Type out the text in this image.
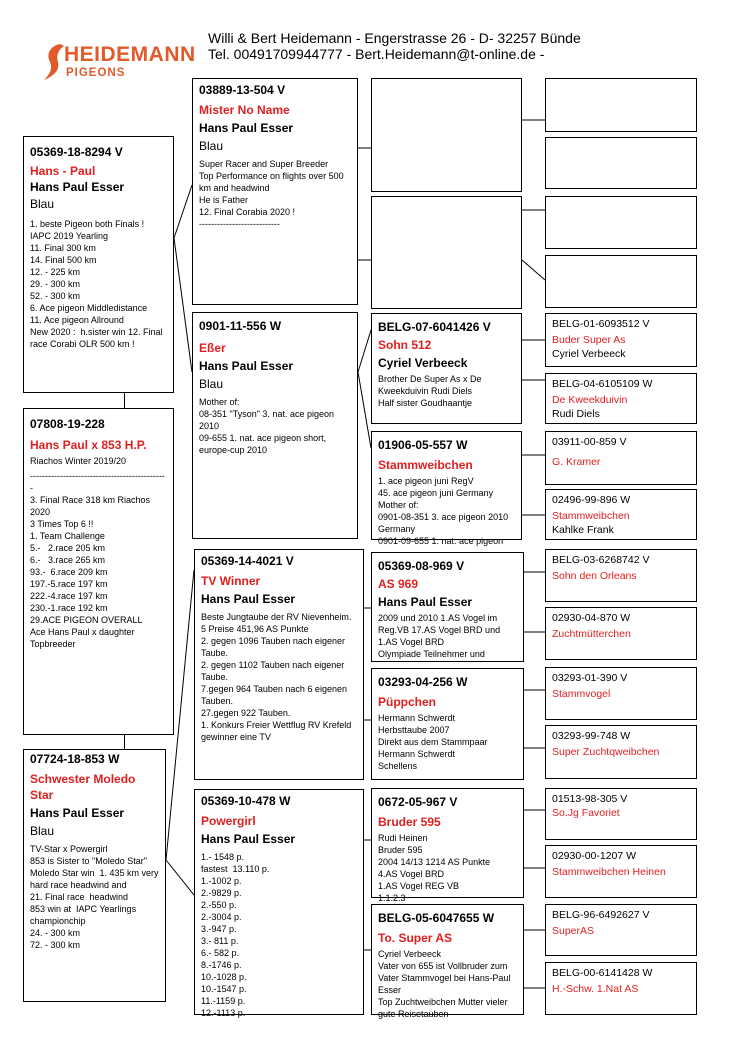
HEIDEMANN
PIGEONS
Willi & Bert Heidemann - Engerstrasse 26 - D- 32257 Bünde
Tel. 00491709944777 - Bert.Heidemann@t-online.de -
05369-18-8294 V
Hans - Paul
Hans Paul Esser
Blau
1. beste Pigeon both Finals !
IAPC 2019 Yearling
11. Final 300 km
14. Final 500 km
12. - 225 km
29. - 300 km
52. - 300 km
6. Ace pigeon Middledistance
11. Ace pigeon Allround
New 2020 :  h.sister win 12. Final race Corabi OLR 500 km !
07808-19-228
Hans Paul x 853 H.P.
Riachos Winter 2019/20
----------------------------------------------
3. Final Race 318 km Riachos 2020
3 Times Top 6 !!
1. Team Challenge
5.-   2.race 205 km
6.-   3.race 265 km
93.-  6.race 209 km
197.-5.race 197 km
222.-4.race 197 km
230.-1.race 192 km
29.ACE PIGEON OVERALL
Ace Hans Paul x daughter
Topbreeder
07724-18-853 W
Schwester Moledo Star
Hans Paul Esser
Blau
TV-Star x Powergirl
853 is Sister to "Moledo Star"
Moledo Star win  1. 435 km very hard race headwind and
21. Final race  headwind
853 win at  IAPC Yearlings championchip
24. - 300 km
72. - 300 km
03889-13-504 V
Mister No Name
Hans Paul Esser
Blau
Super Racer and Super Breeder
Top Performance on flights over 500 km and headwind
He is Father
12. Final Corabia 2020 !
---------------------------
0901-11-556 W
Eßer
Hans Paul Esser
Blau
Mother of:
08-351 "Tyson" 3. nat. ace pigeon 2010
09-655 1. nat. ace pigeon short, europe-cup 2010
05369-14-4021 V
TV Winner
Hans Paul Esser
Beste Jungtaube der RV Nievenheim. 5 Preise 451,96 AS Punkte
2. gegen 1096 Tauben nach eigener Taube.
2. gegen 1102 Tauben nach eigener Taube.
7.gegen 964 Tauben nach 6 eigenen Tauben.
27.gegen 922 Tauben.
1. Konkurs Freier Wettflug RV Krefeld gewinner eine TV
05369-10-478 W
Powergirl
Hans Paul Esser
1.- 1548 p.
fastest  13.110 p.
1.-1002 p.
2.-9829 p.
2.-550 p.
2.-3004 p.
3.-947 p.
3.- 811 p.
6.- 582 p.
8.-1746 p.
10.-1028 p.
10.-1547 p.
11.-1159 p.
12.-1113 p.
BELG-07-6041426 V
Sohn 512
Cyriel Verbeeck
Brother De Super As x De Kweekduivin Rudi Diels
Half sister Goudhaantje
01906-05-557 W
Stammweibchen
1. ace pigeon juni RegV
45. ace pigeon juni Germany
Mother of:
0901-08-351 3. ace pigeon 2010 Germany
0901-09-655 1. nat. ace pigeon
05369-08-969 V
AS 969
Hans Paul Esser
2009 und 2010 1.AS Vogel im Reg.VB 17.AS Vogel BRD und 1.AS Vogel BRD
Olympiade Teilnehmer und
03293-04-256 W
Püppchen
Hermann Schwerdt
Herbsttaube 2007
Direkt aus dem Stammpaar Hermann Schwerdt
Schellens
0672-05-967 V
Bruder 595
Rudi Heinen
Bruder 595
2004 14/13 1214 AS Punkte
4.AS Vogel BRD
1.AS Vogel REG VB
1.1.2.3
BELG-05-6047655 W
To. Super AS
Cyriel Verbeeck
Vater von 655 ist Vollbruder zum Vater Stammvogel bei Hans-Paul Esser
Top Zuchtweibchen Mutter vieler gute Reisetauben
BELG-01-6093512 V
Buder Super As
Cyriel Verbeeck
BELG-04-6105109 W
De Kweekduivin
Rudi Diels
03911-00-859 V
G. Kramer
02496-99-896 W
Stammweibchen
Kahlke Frank
BELG-03-6268742 V
Sohn den Orleans
02930-04-870 W
Zuchtmütterchen
03293-01-390 V
Stammvogel
03293-99-748 W
Super Zuchtqweibchen
01513-98-305 V
So.Jg Favoriet
02930-00-1207 W
Stammweibchen Heinen
BELG-96-6492627 V
SuperAS
BELG-00-6141428 W
H.-Schw. 1.Nat AS
